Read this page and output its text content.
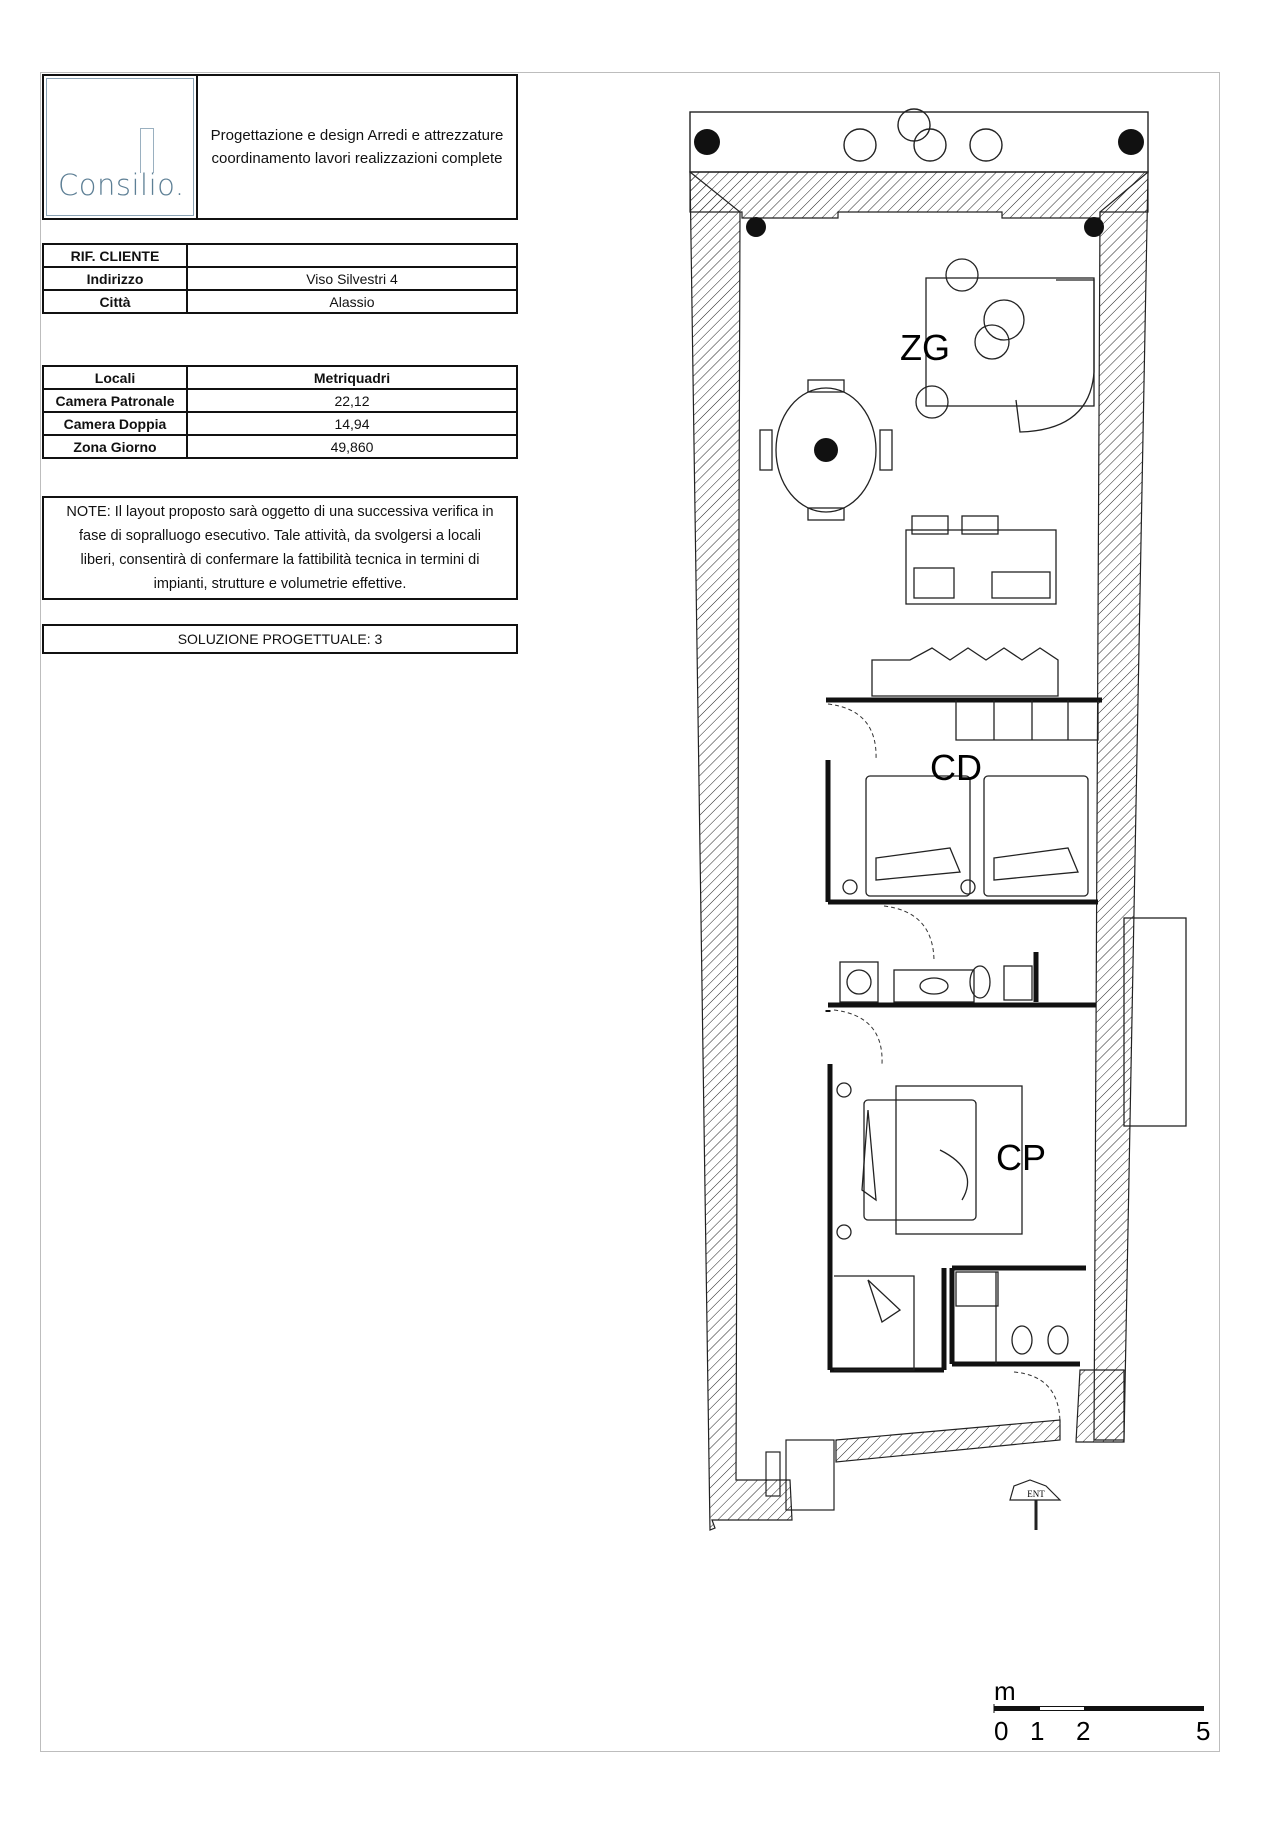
Consilio.
Progettazione e design Arredi e attrezzature
coordinamento lavori realizzazioni complete
RIF. CLIENTE	
Indirizzo	Viso Silvestri 4
Città	Alassio
Locali	Metriquadri
Camera Patronale	22,12
Camera Doppia	14,94
Zona Giorno	49,860
NOTE: Il layout proposto sarà oggetto di una successiva verifica in
fase di sopralluogo esecutivo. Tale attività, da svolgersi a locali
liberi, consentirà di confermare la fattibilità tecnica in termini di
impianti, strutture e volumetrie effettive.
SOLUZIONE PROGETTUALE: 3
ENT
ZG
CD
CP
m
0 1 2	5
